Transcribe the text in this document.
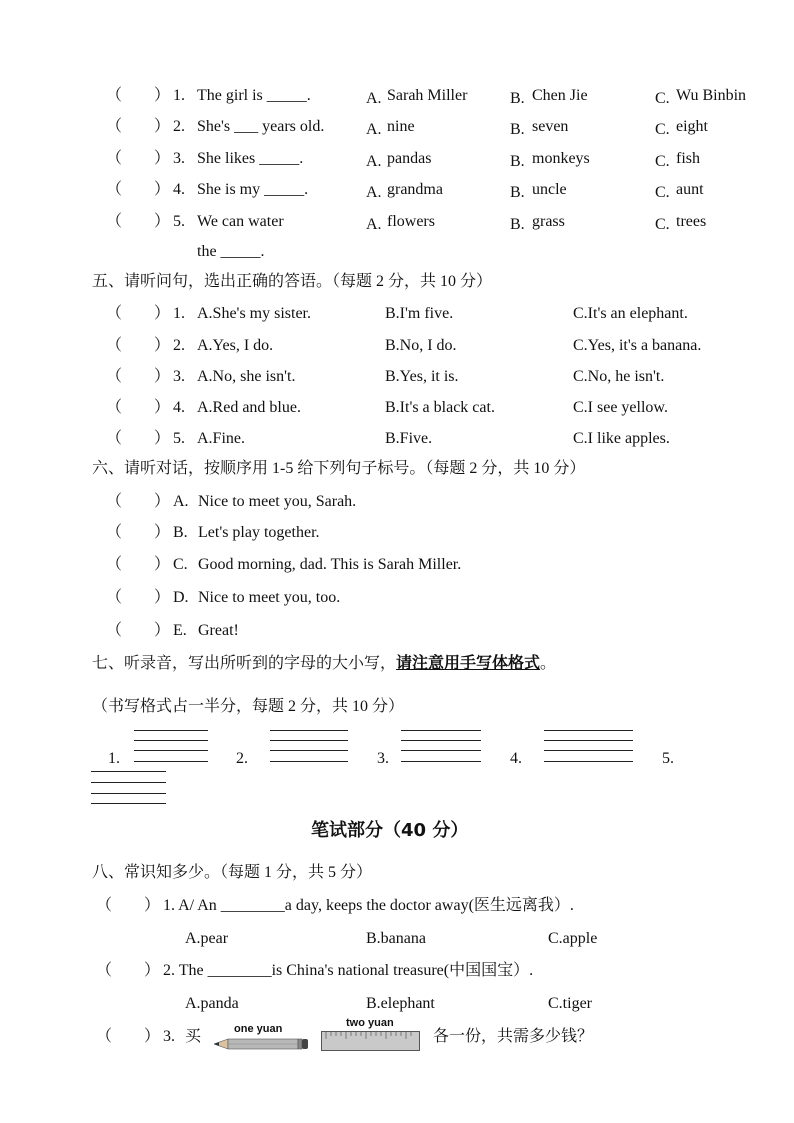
（　　） 1. The girl is _____.	A. Sarah Miller	B. Chen Jie	C. Wu Binbin
（　　） 2. She's ___ years old.	A. nine	B. seven	C. eight
（　　） 3. She likes _____.	A. pandas	B. monkeys	C. fish
（　　） 4. She is my _____.	A. grandma	B. uncle	C. aunt
（　　） 5. We can water
the _____.
A. flowers	B. grass	C. trees
五、请听问句，选出正确的答语。（每题 2 分，共 10 分）
（　　） 1. A.She's my sister.	B.I'm five.	C.It's an elephant.
（　　） 2. A.Yes, I do.	B.No, I do.	C.Yes, it's a banana.
（　　） 3. A.No, she isn't.	B.Yes, it is.	C.No, he isn't.
（　　） 4. A.Red and blue.	B.It's a black cat.	C.I see yellow.
（　　） 5. A.Fine.	B.Five.	C.I like apples.
六、请听对话，按顺序用 1-5 给下列句子标号。（每题 2 分，共 10 分）
（　　） A. Nice to meet you, Sarah.
（　　） B. Let's play together.
（　　） C. Good morning, dad. This is Sarah Miller.
（　　） D. Nice to meet you, too.
（　　） E. Great!
七、听录音，写出所听到的字母的大小写，请注意用手写体格式。
（书写格式占一半分，每题 2 分，共 10 分）
1.	2.	3.	4.	5.
笔试部分（40 分）
八、常识知多少。（每题 1 分，共 5 分）
（　　） 1. A/ An ________a day, keeps the doctor away(医生远离我）.
A.pear	B.banana	C.apple
（　　） 2. The ________is China's national treasure(中国国宝）.
A.panda	B.elephant	C.tiger
（　　） 3. 买	one yuan	two yuan
各一份，共需多少钱？
